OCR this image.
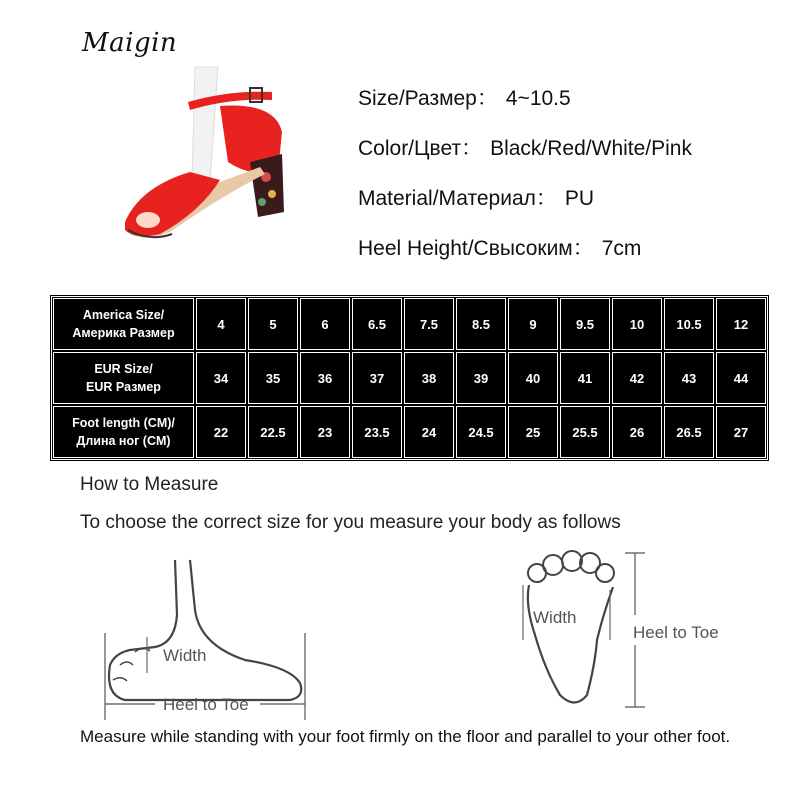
Maigin
Size/Размер： 4~10.5
Color/Цвет： Black/Red/White/Pink
Material/Материал： PU
Heel Height/Свысоким： 7cm
America Size/
Америка Размер	4	5	6	6.5	7.5	8.5	9	9.5	10	10.5	12
EUR Size/
EUR Размер	34	35	36	37	38	39	40	41	42	43	44
Foot length (CM)/
Длина ног (CM)	22	22.5	23	23.5	24	24.5	25	25.5	26	26.5	27
How to Measure
To choose the correct size for you measure your body as follows
Width
Heel to Toe
Width
Heel to Toe
Measure while standing with your foot firmly on the floor and parallel to your other foot.
